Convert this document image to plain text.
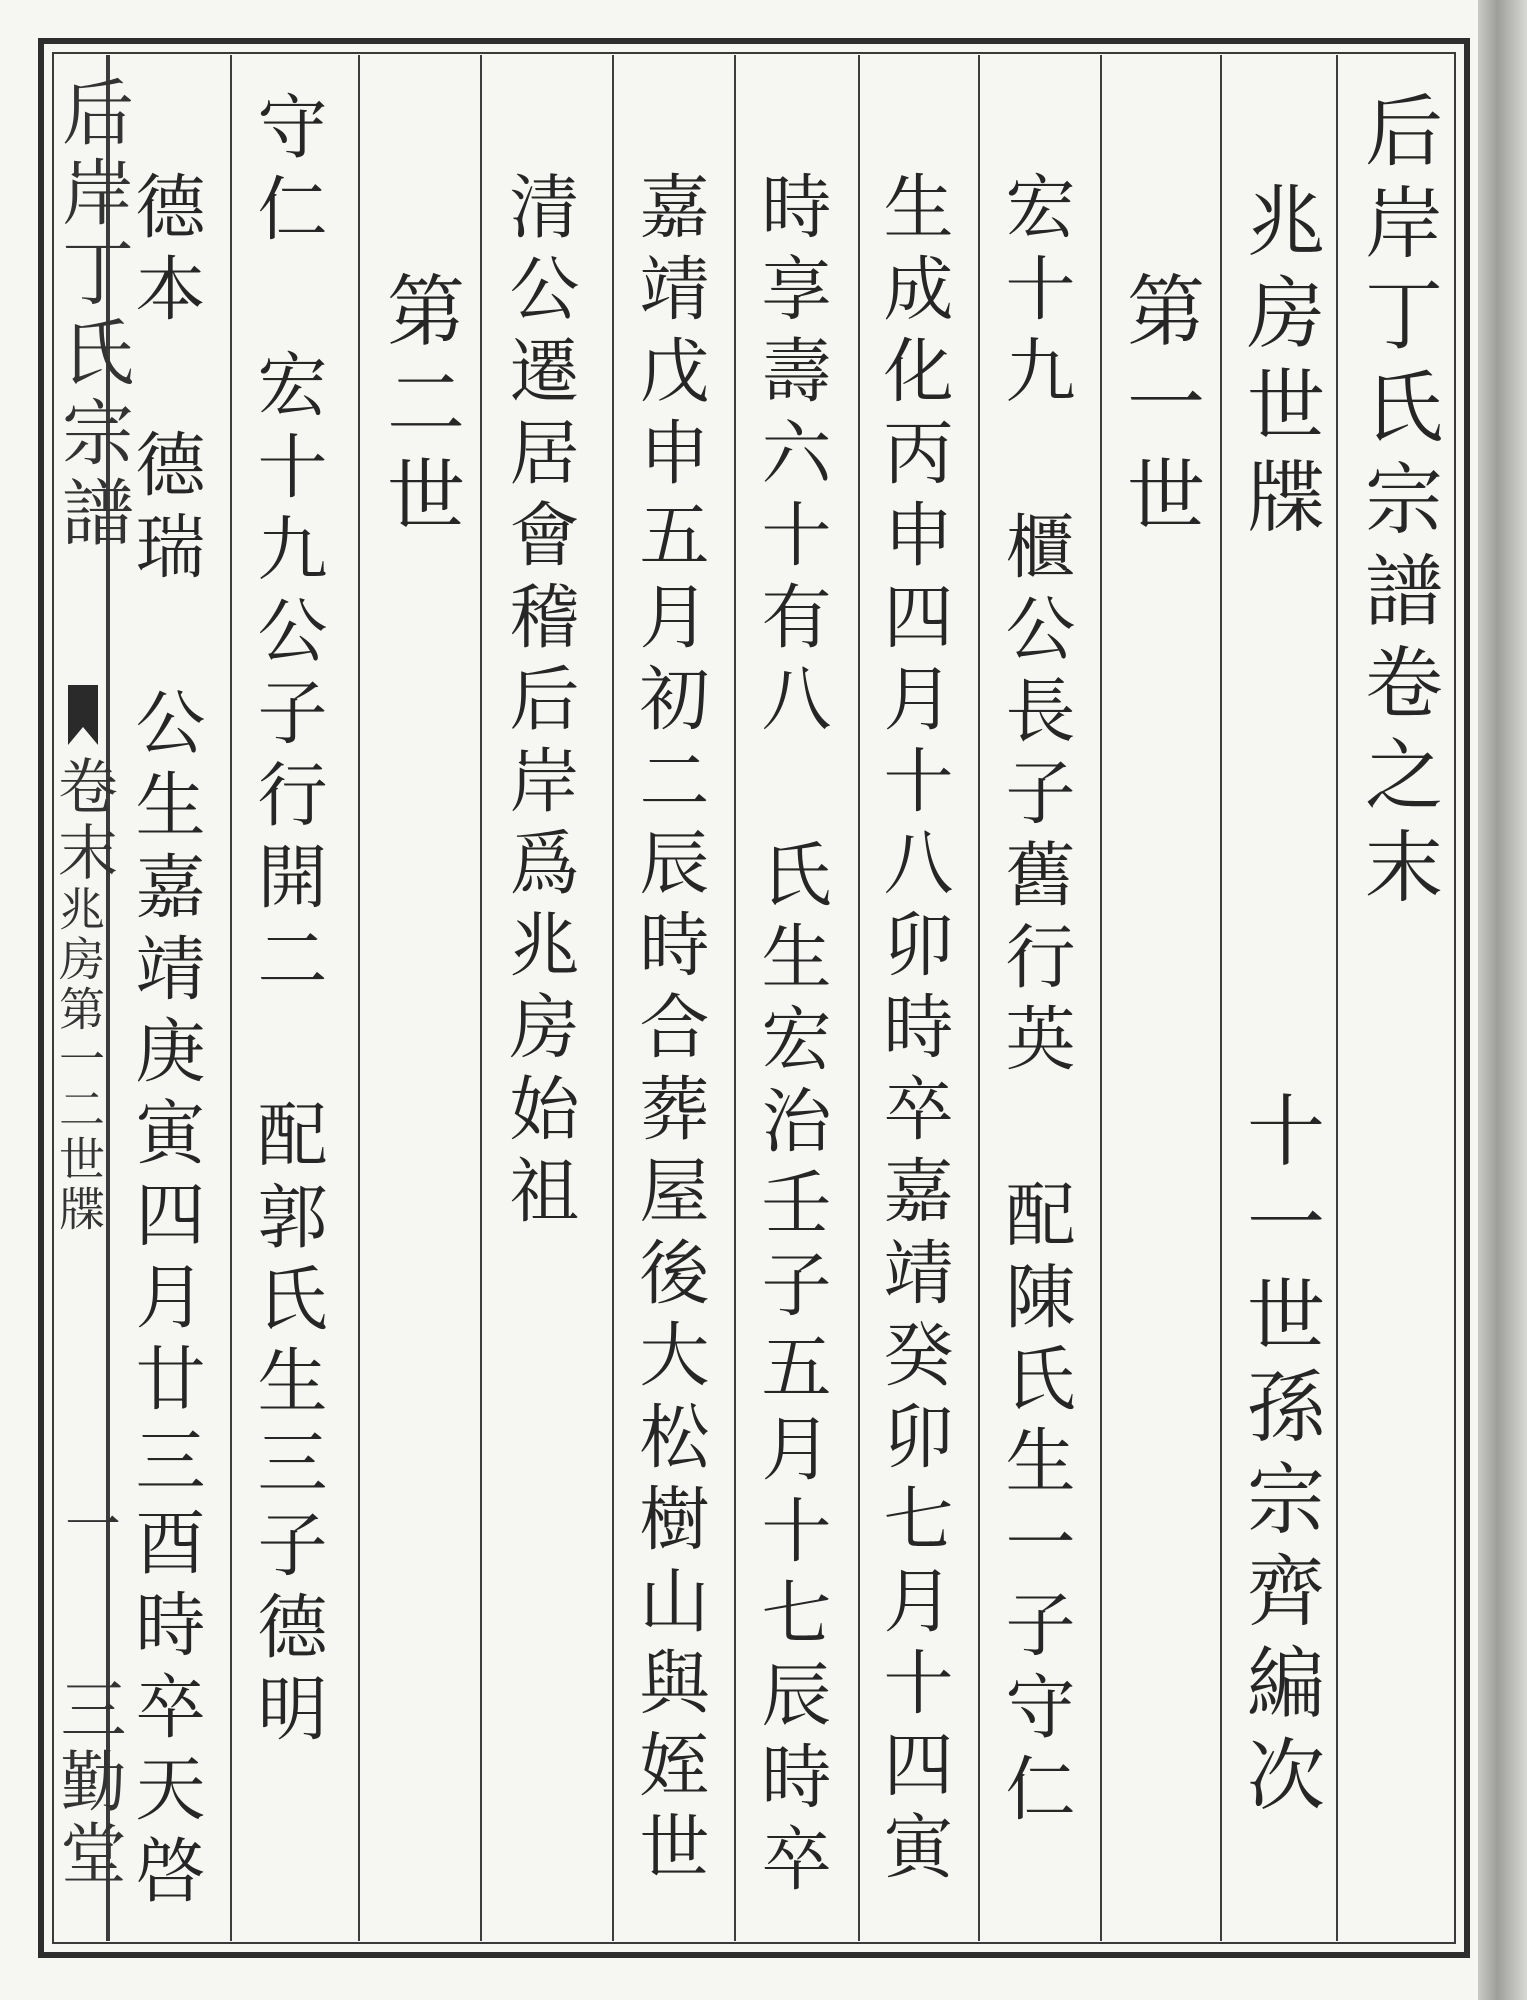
后岸丁氏宗譜卷之末
兆房世牒
十一世孫宗齊編次
第一世
宏十九 櫃公長子舊行英 配陳氏生一子守仁
生成化丙申四月十八卯時卒嘉靖癸卯七月十四寅
時享壽六十有八 氏生宏治壬子五月十七辰時卒
嘉靖戊申五月初二辰時合葬屋後大松樹山與姪世
清公遷居會稽后岸爲兆房始祖
第二世
守仁 宏十九公子行開二 配郭氏生三子德明
德本 德瑞 公生嘉靖庚寅四月廿三酉時卒天啓
后岸丁氏宗譜
卷末
兆房第一二世牒
一
三勤堂
